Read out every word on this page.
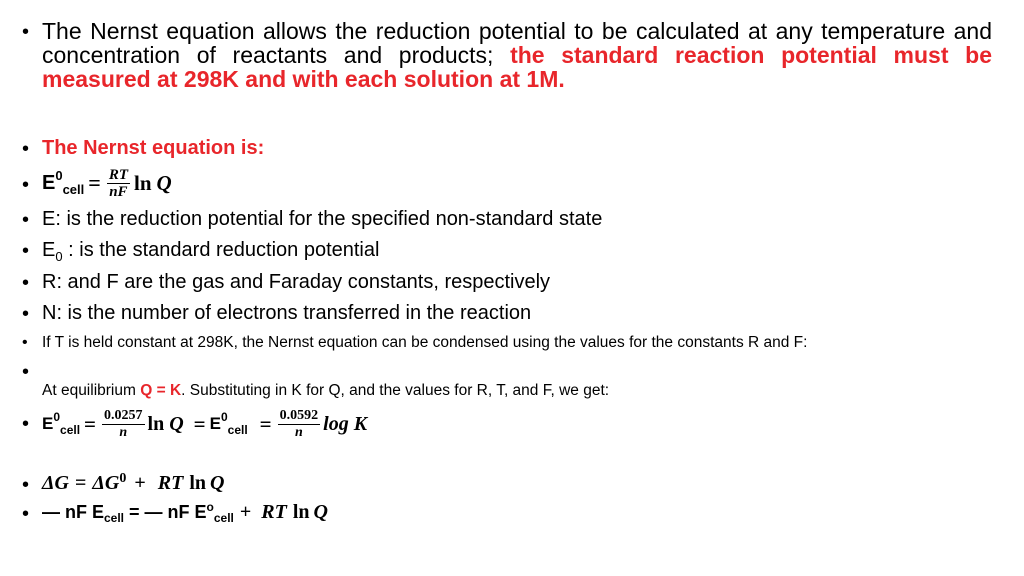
•
•
•
•
•
•
•
•
•
•
•
•
The Nernst equation allows the reduction potential to be calculated at any temperature and concentration of reactants and products; the standard reaction potential must be measured at 298K and with each solution at 1M.
The Nernst equation is:
$E^0$
$_{cell} = \frac{RT}{nF}$ ln Q
E: is the reduction potential for the specified non-standard state
$E_0$ : is the standard reduction potential
R: and F are the gas and Faraday constants, respectively
N: is the number of electrons transferred in the reaction
If T is held constant at 298K, the Nernst equation can be condensed using the values for the constants R and F:
At equilibrium Q = K. Substituting in K for Q, and the values for R, T, and F, we get:
$E^0$
$_{cell} = \frac{0.0257}{n}$ $\ln Q = E^0$
$_{cell} = \frac{0.0592}{n}$ log K
$\Delta G = \Delta G^0$ + RT ln Q
— nF $E_{cell}$ = — nF $E^o$
$_{cell}$ + RT ln Q
